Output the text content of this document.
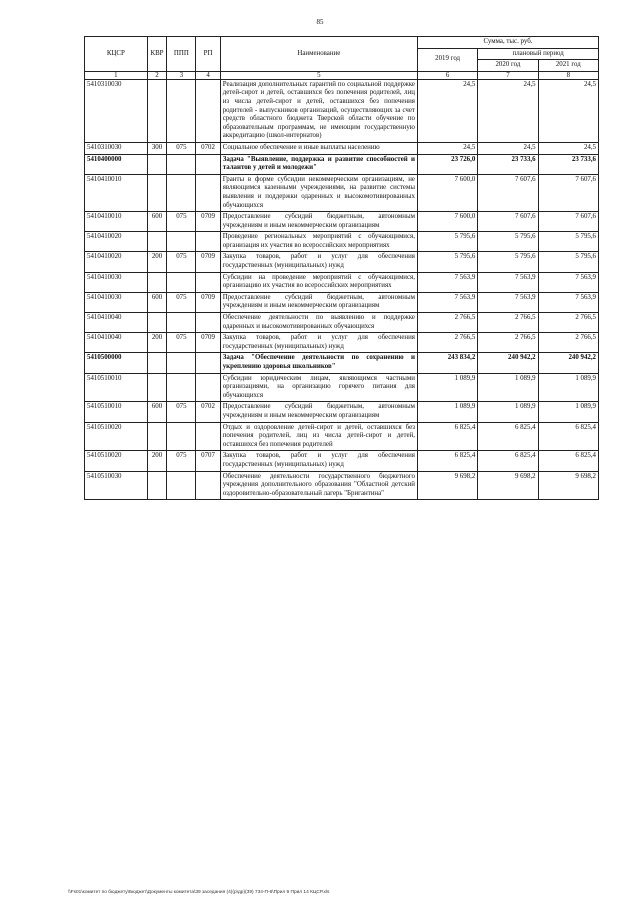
85
КЦСР	КВР	ППП	РП	Наименование	Сумма, тыс. руб.		
					2019 год	плановый период	
						2020 год	2021 год
1	2	3	4	5	6	7	8
5410310030				Реализация дополнительных гарантий по социальной поддержке детей-сирот и детей, оставшихся без попечения родителей, лиц из числа детей-сирот и детей, оставшихся без попечения родителей - выпускников организаций, осуществляющих за счет средств областного бюджета Тверской области обучение по образовательным программам, не имеющим государственную аккредитацию (школ-интернатов)	24,5	24,5	24,5
5410310030	300	075	0702	Социальное обеспечение и иные выплаты населению	24,5	24,5	24,5
5410400000				Задача "Выявление, поддержка и развитие способностей и талантов у детей и молодежи"	23 726,0	23 733,6	23 733,6
5410410010				Гранты в форме субсидии некоммерческим организациям, не являющимся казенными учреждениями, на развитие системы выявления и поддержки одаренных и высокомотивированных обучающихся	7 600,0	7 607,6	7 607,6
5410410010	600	075	0709	Предоставление субсидий бюджетным, автономным учреждениям и иным некоммерческим организациям	7 600,0	7 607,6	7 607,6
5410410020				Проведение региональных мероприятий с обучающимися, организация их участия во всероссийских мероприятиях	5 795,6	5 795,6	5 795,6
5410410020	200	075	0709	Закупка товаров, работ и услуг для обеспечения государственных (муниципальных) нужд	5 795,6	5 795,6	5 795,6
5410410030				Субсидии на проведение мероприятий с обучающимися, организацию их участия во всероссийских мероприятиях	7 563,9	7 563,9	7 563,9
5410410030	600	075	0709	Предоставление субсидий бюджетным, автономным учреждениям и иным некоммерческим организациям	7 563,9	7 563,9	7 563,9
5410410040				Обеспечение деятельности по выявлению и поддержке одаренных и высокомотивированных обучающихся	2 766,5	2 766,5	2 766,5
5410410040	200	075	0709	Закупка товаров, работ и услуг для обеспечения государственных (муниципальных) нужд	2 766,5	2 766,5	2 766,5
5410500000				Задача "Обеспечение деятельности по сохранению и укреплению здоровья школьников"	243 834,2	240 942,2	240 942,2
5410510010				Субсидии юридическим лицам, являющимся частными организациями, на организацию горячего питания для обучающихся	1 089,9	1 089,9	1 089,9
5410510010	600	075	0702	Предоставление субсидий бюджетным, автономным учреждениям и иным некоммерческим организациям	1 089,9	1 089,9	1 089,9
5410510020				Отдых и оздоровление детей-сирот и детей, оставшихся без попечения родителей, лиц из числа детей-сирот и детей, оставшихся без попечения родителей	6 825,4	6 825,4	6 825,4
5410510020	200	075	0707	Закупка товаров, работ и услуг для обеспечения государственных (муниципальных) нужд	6 825,4	6 825,4	6 825,4
5410510030				Обеспечение деятельности государственного бюджетного учреждения дополнительного образования "Областной детский оздоровительно-образовательный лагерь "Бригантина"	9 698,2	9 698,2	9 698,2
\\Fs01\комитет по бюджету\Бюджет\Документы комитета\39 заседания (4)(р\др)(39) 734-П-6\Прил 9 Прил 14 КЦСР.xls
